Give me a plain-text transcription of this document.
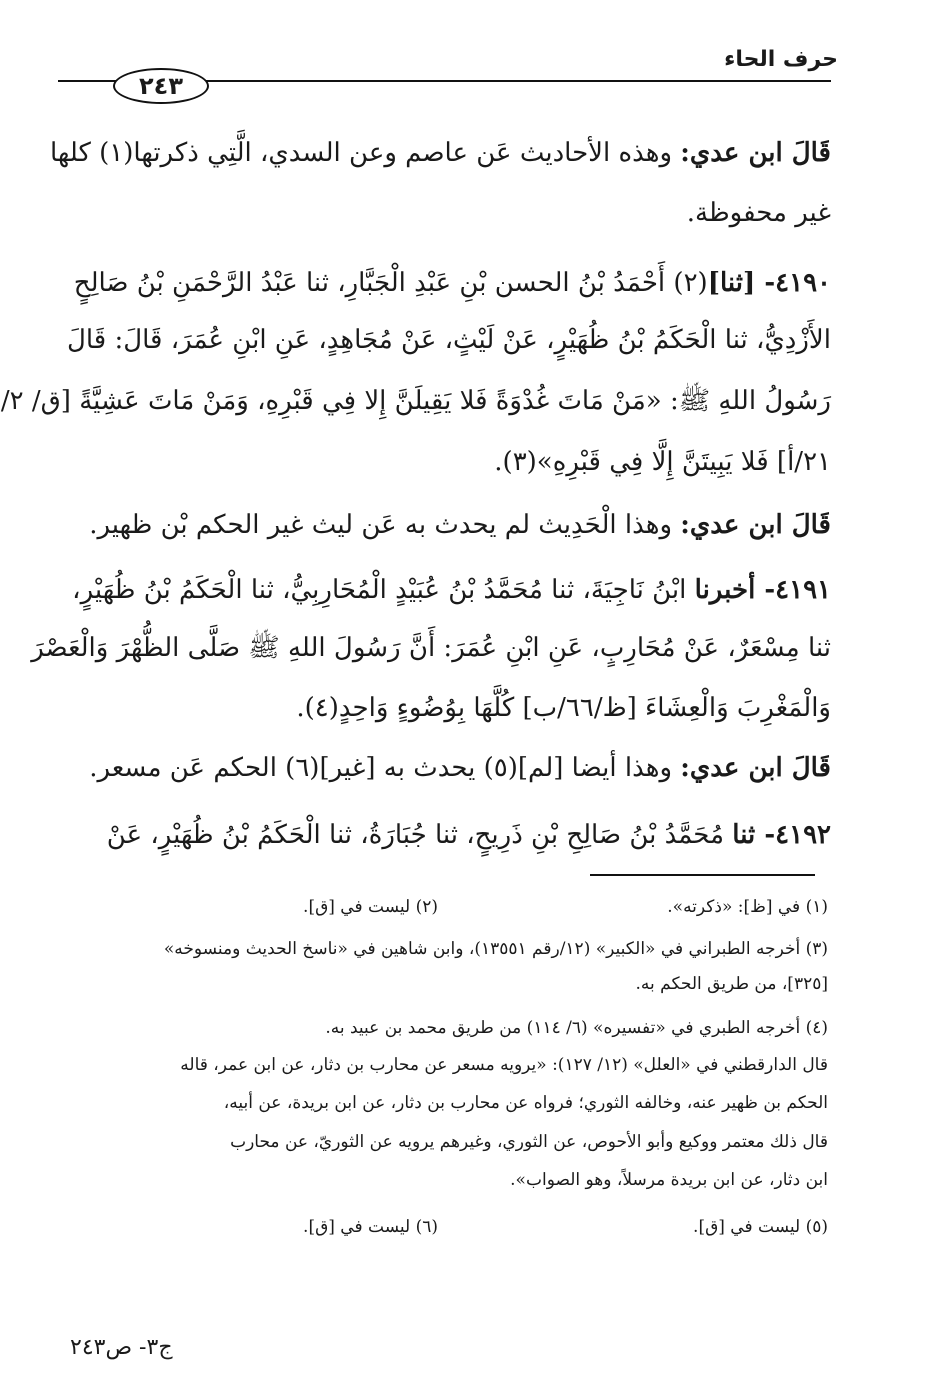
حرف الحاء
٢٤٣
قَالَ ابن عدي: وهذه الأحاديث عَن عاصم وعن السدي، الَّتِي ذكرتها(١) كلها
غير محفوظة.
٤١٩٠- [ثنا](٢) أَحْمَدُ بْنُ الحسن بْنِ عَبْدِ الْجَبَّارِ، ثنا عَبْدُ الرَّحْمَنِ بْنُ صَالِحٍ
الأَزْدِيُّ، ثنا الْحَكَمُ بْنُ ظُهَيْرٍ، عَنْ لَيْثٍ، عَنْ مُجَاهِدٍ، عَنِ ابْنِ عُمَرَ، قَالَ: قَالَ
رَسُولُ اللهِ ﷺ: «مَنْ مَاتَ غُدْوَةً فَلا يَقِيلَنَّ إِلا فِي قَبْرِهِ، وَمَنْ مَاتَ عَشِيَّةً [ق/ ٢/
٢١/أ] فَلا يَبِيتَنَّ إِلَّا فِي قَبْرِهِ»(٣).
قَالَ ابن عدي: وهذا الْحَدِيث لم يحدث به عَن ليث غير الحكم بْن ظهير.
٤١٩١- أخبرنا ابْنُ نَاجِيَةَ، ثنا مُحَمَّدُ بْنُ عُبَيْدٍ الْمُحَارِبِيُّ، ثنا الْحَكَمُ بْنُ ظُهَيْرٍ،
ثنا مِسْعَرٌ، عَنْ مُحَارِبٍ، عَنِ ابْنِ عُمَرَ: أَنَّ رَسُولَ اللهِ ﷺ صَلَّى الظُّهْرَ وَالْعَصْرَ
وَالْمَغْرِبَ وَالْعِشَاءَ [ظ/٦٦/ب] كُلَّهَا بِوُضُوءٍ وَاحِدٍ(٤).
قَالَ ابن عدي: وهذا أيضا [لم](٥) يحدث به [غير](٦) الحكم عَن مسعر.
٤١٩٢- ثنا مُحَمَّدُ بْنُ صَالِحِ بْنِ ذَرِيحٍ، ثنا جُبَارَةُ، ثنا الْحَكَمُ بْنُ ظُهَيْرٍ، عَنْ
(١) في [ظ]: «ذكرته».
(٢) ليست في [ق].
(٣) أخرجه الطبراني في «الكبير» (١٢/رقم ١٣٥٥١)، وابن شاهين في «ناسخ الحديث ومنسوخه»
[٣٢٥]، من طريق الحكم به.
(٤) أخرجه الطبري في «تفسيره» (٦/ ١١٤) من طريق محمد بن عبيد به.
قال الدارقطني في «العلل» (١٢/ ١٢٧): «يرويه مسعر عن محارب بن دثار، عن ابن عمر، قاله
الحكم بن ظهير عنه، وخالفه الثوري؛ فرواه عن محارب بن دثار، عن ابن بريدة، عن أبيه،
قال ذلك معتمر ووكيع وأبو الأحوص، عن الثوري، وغيرهم يرويه عن الثوريّ، عن محارب
ابن دثار، عن ابن بريدة مرسلاً، وهو الصواب».
(٥) ليست في [ق].
(٦) ليست في [ق].
ج٣- ص٢٤٣
